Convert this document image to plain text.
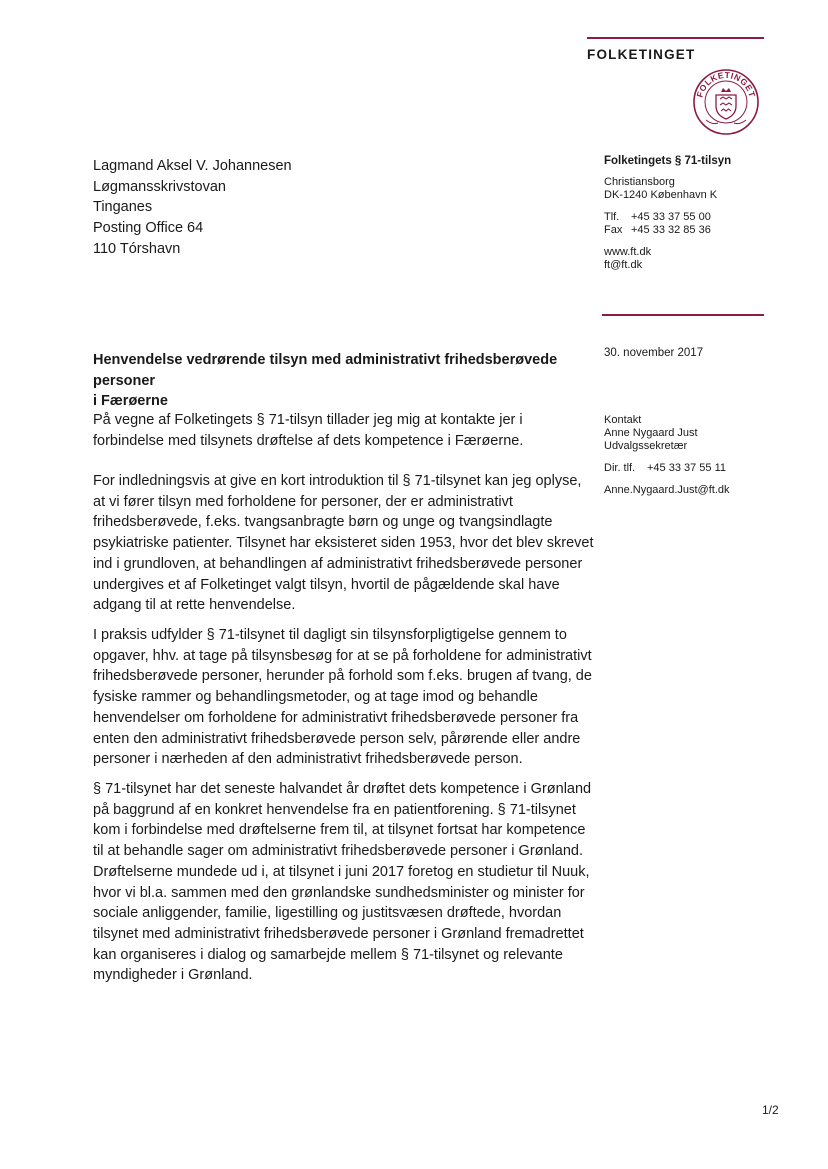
FOLKETINGET
FOLKETINGET
Lagmand Aksel V. Johannesen
Løgmansskrivstovan
Tinganes
Posting Office 64
110 Tórshavn
Folketingets § 71-tilsyn
Christiansborg
DK-1240 København K
Tlf. +45 33 37 55 00
Fax +45 33 32 85 36
www.ft.dk
ft@ft.dk
30. november 2017
Kontakt
Anne Nygaard Just
Udvalgssekretær
Dir. tlf. +45 33 37 55 11
Anne.Nygaard.Just@ft.dk
Henvendelse vedrørende tilsyn med administrativt frihedsberøvede personer
i Færøerne
På vegne af Folketingets § 71-tilsyn tillader jeg mig at kontakte jer i
forbindelse med tilsynets drøftelse af dets kompetence i Færøerne.
For indledningsvis at give en kort introduktion til § 71-tilsynet kan jeg oplyse,
at vi fører tilsyn med forholdene for personer, der er administrativt
frihedsberøvede, f.eks. tvangsanbragte børn og unge og tvangsindlagte
psykiatriske patienter. Tilsynet har eksisteret siden 1953, hvor det blev skrevet
ind i grundloven, at behandlingen af administrativt frihedsberøvede personer
undergives et af Folketinget valgt tilsyn, hvortil de pågældende skal have
adgang til at rette henvendelse.
I praksis udfylder § 71-tilsynet til dagligt sin tilsynsforpligtigelse gennem to
opgaver, hhv. at tage på tilsynsbesøg for at se på forholdene for administrativt
frihedsberøvede personer, herunder på forhold som f.eks. brugen af tvang, de
fysiske rammer og behandlingsmetoder, og at tage imod og behandle
henvendelser om forholdene for administrativt frihedsberøvede personer fra
enten den administrativt frihedsberøvede person selv, pårørende eller andre
personer i nærheden af den administrativt frihedsberøvede person.
§ 71-tilsynet har det seneste halvandet år drøftet dets kompetence i Grønland
på baggrund af en konkret henvendelse fra en patientforening. § 71-tilsynet
kom i forbindelse med drøftelserne frem til, at tilsynet fortsat har kompetence
til at behandle sager om administrativt frihedsberøvede personer i Grønland.
Drøftelserne mundede ud i, at tilsynet i juni 2017 foretog en studietur til Nuuk,
hvor vi bl.a. sammen med den grønlandske sundhedsminister og minister for
sociale anliggender, familie, ligestilling og justitsvæsen drøftede, hvordan
tilsynet med administrativt frihedsberøvede personer i Grønland fremadrettet
kan organiseres i dialog og samarbejde mellem § 71-tilsynet og relevante
myndigheder i Grønland.
1/2
